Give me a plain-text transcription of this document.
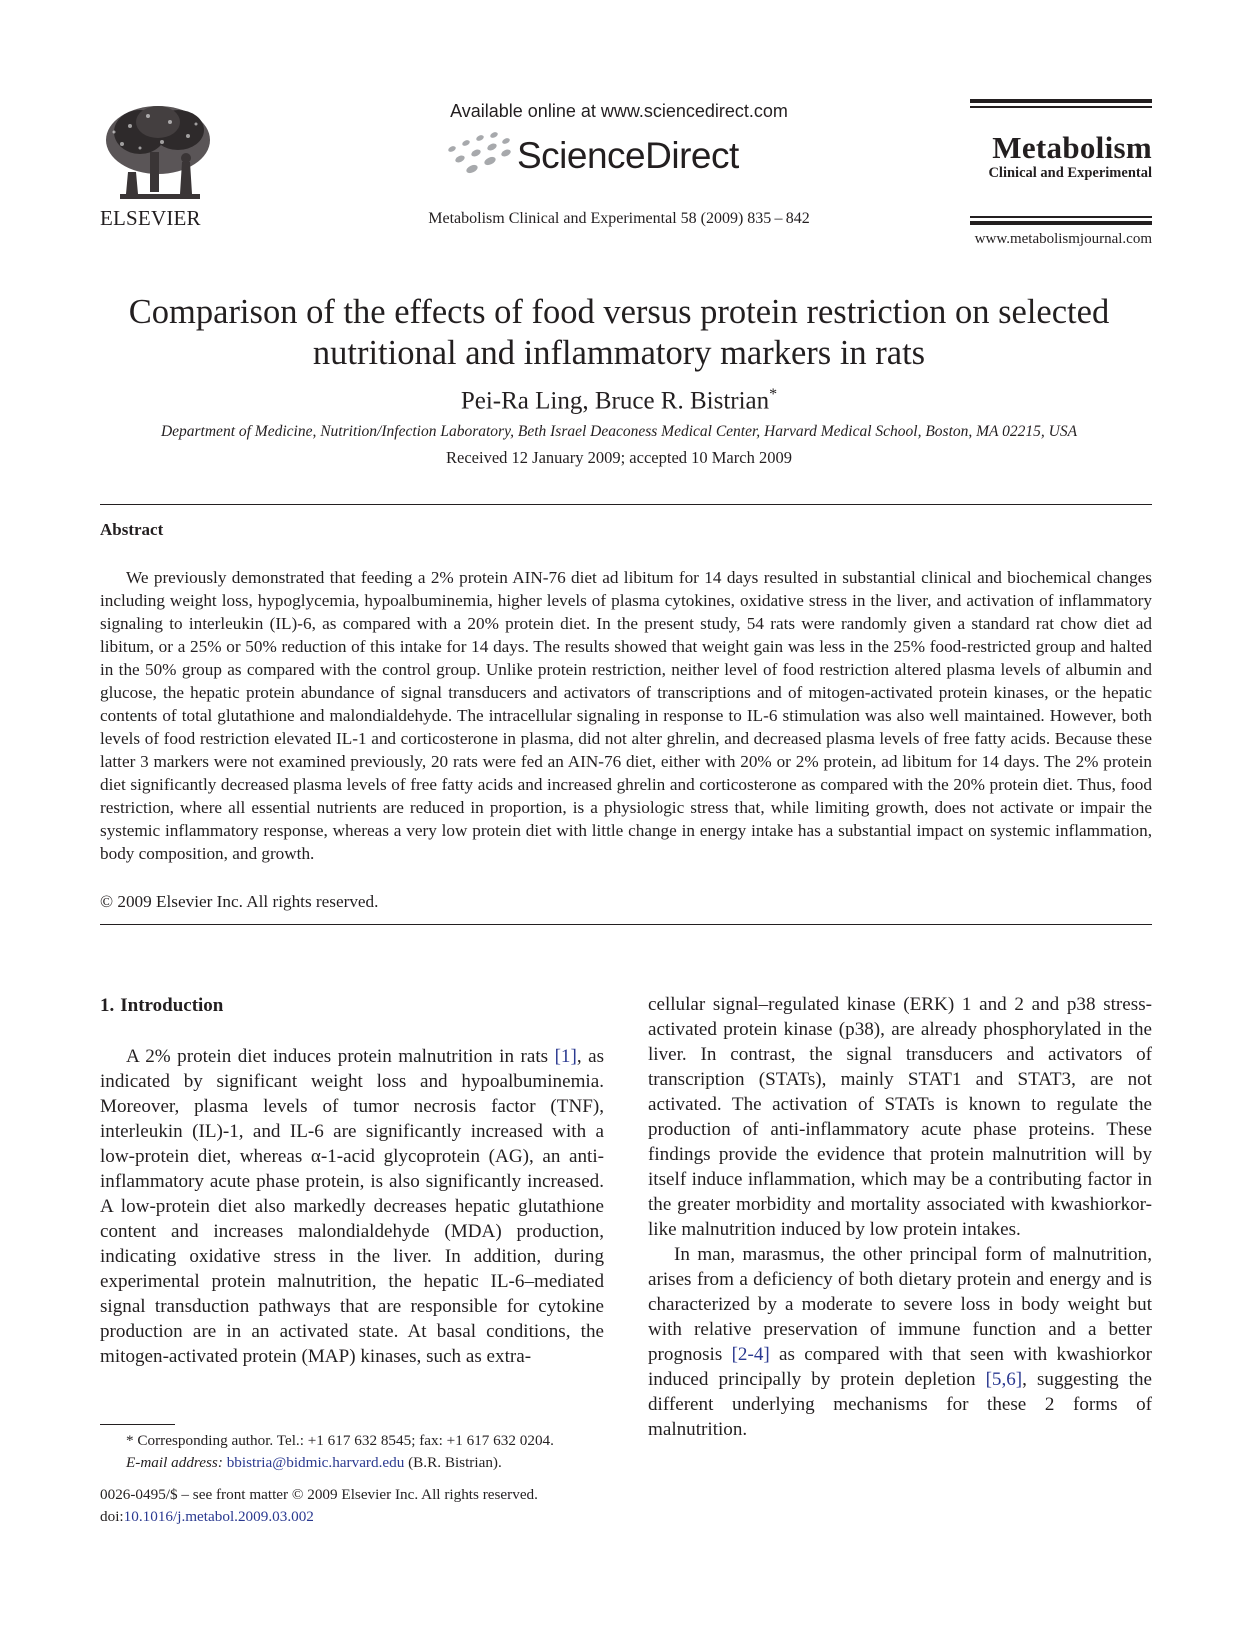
ELSEVIER
Available online at www.sciencedirect.com
ScienceDirect
Metabolism Clinical and Experimental 58 (2009) 835 – 842
Metabolism
Clinical and Experimental
www.metabolismjournal.com
Comparison of the effects of food versus protein restriction on selected nutritional and inflammatory markers in rats
Pei-Ra Ling, Bruce R. Bistrian*
Department of Medicine, Nutrition/Infection Laboratory, Beth Israel Deaconess Medical Center, Harvard Medical School, Boston, MA 02215, USA
Received 12 January 2009; accepted 10 March 2009
Abstract
We previously demonstrated that feeding a 2% protein AIN-76 diet ad libitum for 14 days resulted in substantial clinical and biochemical changes including weight loss, hypoglycemia, hypoalbuminemia, higher levels of plasma cytokines, oxidative stress in the liver, and activation of inflammatory signaling to interleukin (IL)-6, as compared with a 20% protein diet. In the present study, 54 rats were randomly given a standard rat chow diet ad libitum, or a 25% or 50% reduction of this intake for 14 days. The results showed that weight gain was less in the 25% food-restricted group and halted in the 50% group as compared with the control group. Unlike protein restriction, neither level of food restriction altered plasma levels of albumin and glucose, the hepatic protein abundance of signal transducers and activators of transcriptions and of mitogen-activated protein kinases, or the hepatic contents of total glutathione and malondialdehyde. The intracellular signaling in response to IL-6 stimulation was also well maintained. However, both levels of food restriction elevated IL-1 and corticosterone in plasma, did not alter ghrelin, and decreased plasma levels of free fatty acids. Because these latter 3 markers were not examined previously, 20 rats were fed an AIN-76 diet, either with 20% or 2% protein, ad libitum for 14 days. The 2% protein diet significantly decreased plasma levels of free fatty acids and increased ghrelin and corticosterone as compared with the 20% protein diet. Thus, food restriction, where all essential nutrients are reduced in proportion, is a physiologic stress that, while limiting growth, does not activate or impair the systemic inflammatory response, whereas a very low protein diet with little change in energy intake has a substantial impact on systemic inflammation, body composition, and growth.
© 2009 Elsevier Inc. All rights reserved.
1. Introduction

A 2% protein diet induces protein malnutrition in rats [1], as indicated by significant weight loss and hypoalbuminemia. Moreover, plasma levels of tumor necrosis factor (TNF), interleukin (IL)-1, and IL-6 are significantly increased with a low-protein diet, whereas α-1-acid glycoprotein (AG), an anti-inflammatory acute phase protein, is also significantly increased. A low-protein diet also markedly decreases hepatic glutathione content and increases malondialdehyde (MDA) production, indicating oxidative stress in the liver. In addition, during experimental protein malnutrition, the hepatic IL-6–mediated signal transduction pathways that are responsible for cytokine production are in an activated state. At basal conditions, the mitogen-activated protein (MAP) kinases, such as extra-

cellular signal–regulated kinase (ERK) 1 and 2 and p38 stress-activated protein kinase (p38), are already phosphorylated in the liver. In contrast, the signal transducers and activators of transcription (STATs), mainly STAT1 and STAT3, are not activated. The activation of STATs is known to regulate the production of anti-inflammatory acute phase proteins. These findings provide the evidence that protein malnutrition will by itself induce inflammation, which may be a contributing factor in the greater morbidity and mortality associated with kwashiorkor-like malnutrition induced by low protein intakes.

In man, marasmus, the other principal form of malnutrition, arises from a deficiency of both dietary protein and energy and is characterized by a moderate to severe loss in body weight but with relative preservation of immune function and a better prognosis [2-4] as compared with that seen with kwashiorkor induced principally by protein depletion [5,6], suggesting the different underlying mechanisms for these 2 forms of malnutrition.

* Corresponding author. Tel.: +1 617 632 8545; fax: +1 617 632 0204.
E-mail address: bbistria@bidmic.harvard.edu (B.R. Bistrian).
0026-0495/$ – see front matter © 2009 Elsevier Inc. All rights reserved.
doi:10.1016/j.metabol.2009.03.002
